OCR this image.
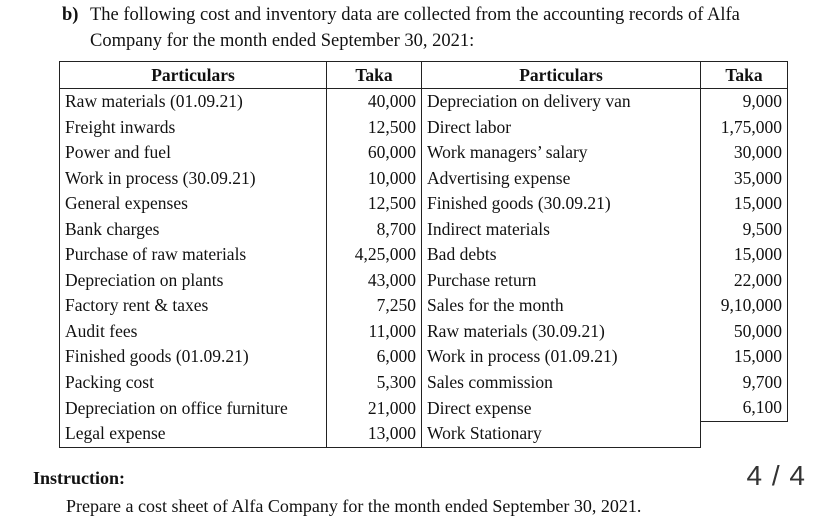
b) The following cost and inventory data are collected from the accounting records of Alfa
Company for the month ended September 30, 2021:
Particulars	Taka	Particulars	Taka
Raw materials (01.09.21)	40,000	Depreciation on delivery van	9,000
Freight inwards	12,500	Direct labor	1,75,000
Power and fuel	60,000	Work managers’ salary	30,000
Work in process (30.09.21)	10,000	Advertising expense	35,000
General expenses	12,500	Finished goods (30.09.21)	15,000
Bank charges	8,700	Indirect materials	9,500
Purchase of raw materials	4,25,000	Bad debts	15,000
Depreciation on plants	43,000	Purchase return	22,000
Factory rent & taxes	7,250	Sales for the month	9,10,000
Audit fees	11,000	Raw materials (30.09.21)	50,000
Finished goods (01.09.21)	6,000	Work in process (01.09.21)	15,000
Packing cost	5,300	Sales commission	9,700
Depreciation on office furniture	21,000	Direct expense	6,100
Legal expense	13,000	Work Stationary	
Instruction:
Prepare a cost sheet of Alfa Company for the month ended September 30, 2021.
4 / 4
